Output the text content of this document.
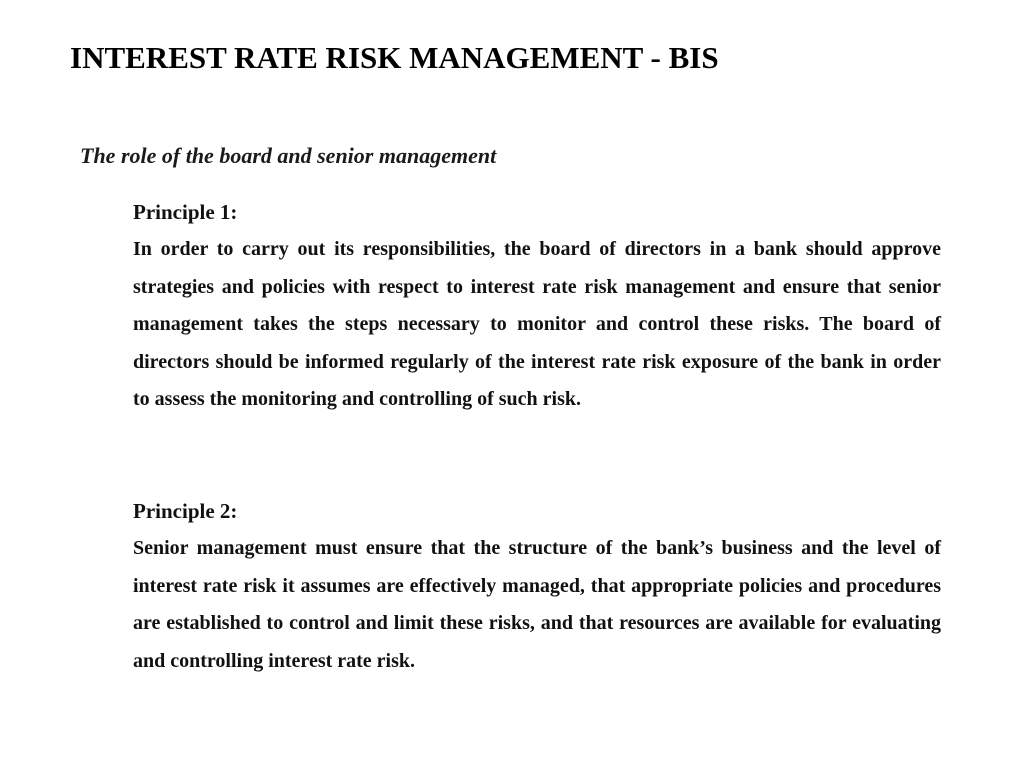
INTEREST RATE RISK MANAGEMENT - BIS
The role of the board and senior management

Principle 1:

In order to carry out its responsibilities, the board of directors in a bank should approve strategies and policies with respect to interest rate risk management and ensure that senior management takes the steps necessary to monitor and control these risks. The board of directors should be informed regularly of the interest rate risk exposure of the bank in order to assess the monitoring and controlling of such risk.

Principle 2:

Senior management must ensure that the structure of the bank’s business and the level of interest rate risk it assumes are effectively managed, that appropriate policies and procedures are established to control and limit these risks, and that resources are available for evaluating and controlling interest rate risk.
